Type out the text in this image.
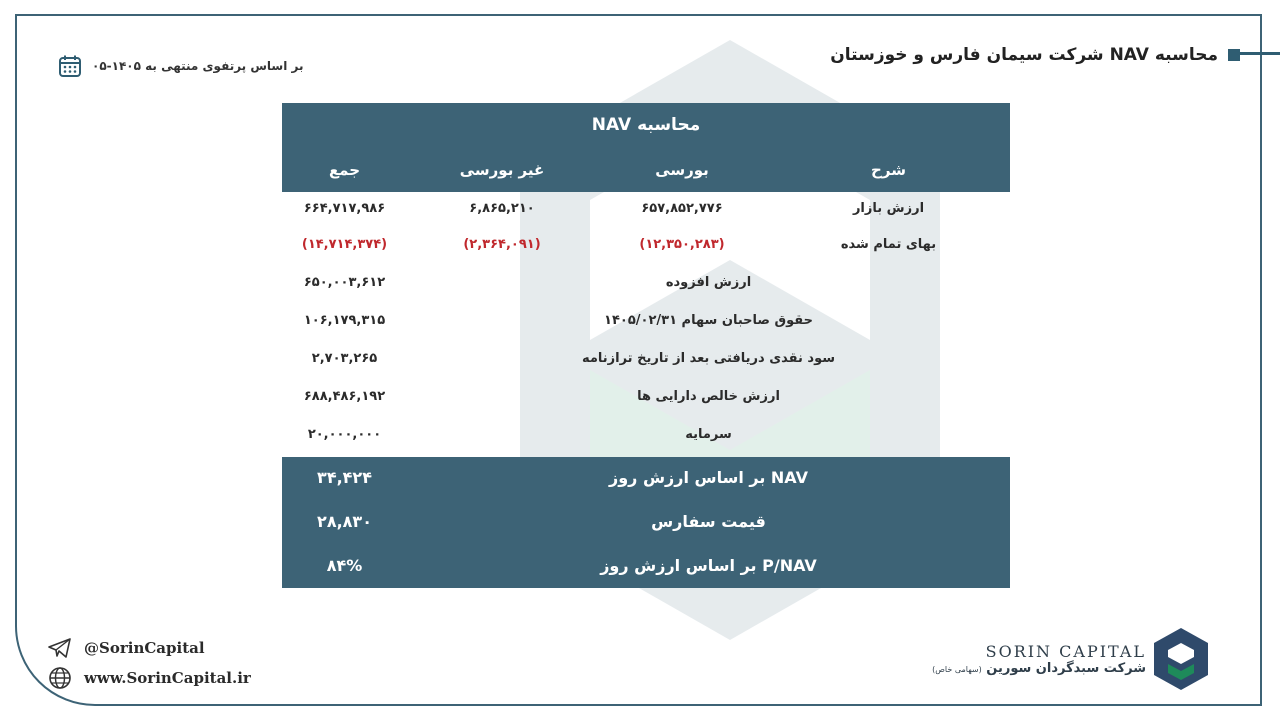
محاسبه NAV شرکت سیمان فارس و خوزستان
بر اساس پرتفوی منتهی به ۱۴۰۵-۰۵
محاسبه NAV
جمع	غیر بورسی	بورسی	شرح
۶۶۴,۷۱۷,۹۸۶	۶,۸۶۵,۲۱۰	۶۵۷,۸۵۲,۷۷۶	ارزش بازار
(۱۴,۷۱۴,۳۷۴)	(۲,۳۶۴,۰۹۱)	(۱۲,۳۵۰,۲۸۳)	بهای تمام شده
۶۵۰,۰۰۳,۶۱۲	ارزش افزوده
۱۰۶,۱۷۹,۳۱۵	حقوق صاحبان سهام ۱۴۰۵/۰۲/۳۱
۲,۷۰۳,۲۶۵	سود نقدی دریافتی بعد از تاریخ ترازنامه
۶۸۸,۴۸۶,۱۹۲	ارزش خالص دارایی ها
۲۰,۰۰۰,۰۰۰	سرمایه
۳۴,۴۲۴	NAV بر اساس ارزش روز
۲۸,۸۳۰	قیمت سفارس
۸۴%	P/NAV بر اساس ارزش روز
@SorinCapital
www.SorinCapital.ir
SORIN CAPITAL
شرکت سبدگردان سورین (سهامی خاص)
